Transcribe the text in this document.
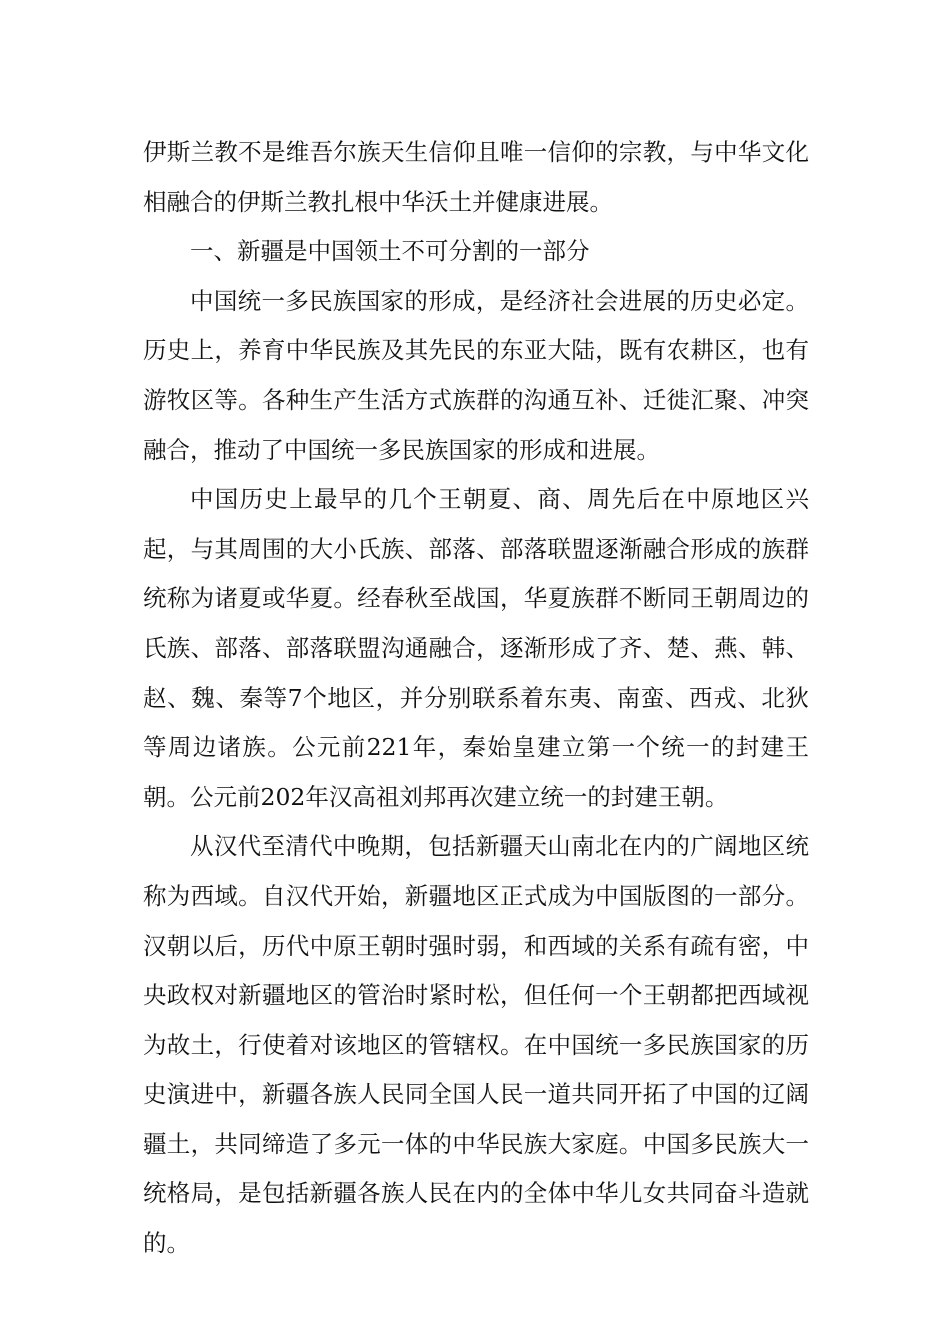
伊斯兰教不是维吾尔族天生信仰且唯一信仰的宗教，与中华文化相融合的伊斯兰教扎根中华沃土并健康进展。

一、新疆是中国领土不可分割的一部分

中国统一多民族国家的形成，是经济社会进展的历史必定。历史上，养育中华民族及其先民的东亚大陆，既有农耕区，也有游牧区等。各种生产生活方式族群的沟通互补、迁徙汇聚、冲突融合，推动了中国统一多民族国家的形成和进展。

中国历史上最早的几个王朝夏、商、周先后在中原地区兴起，与其周围的大小氏族、部落、部落联盟逐渐融合形成的族群统称为诸夏或华夏。经春秋至战国，华夏族群不断同王朝周边的氏族、部落、部落联盟沟通融合，逐渐形成了齐、楚、燕、韩、赵、魏、秦等7个地区，并分别联系着东夷、南蛮、西戎、北狄等周边诸族。公元前221年，秦始皇建立第一个统一的封建王朝。公元前202年汉高祖刘邦再次建立统一的封建王朝。

从汉代至清代中晚期，包括新疆天山南北在内的广阔地区统称为西域。自汉代开始，新疆地区正式成为中国版图的一部分。汉朝以后，历代中原王朝时强时弱，和西域的关系有疏有密，中央政权对新疆地区的管治时紧时松，但任何一个王朝都把西域视为故土，行使着对该地区的管辖权。在中国统一多民族国家的历史演进中，新疆各族人民同全国人民一道共同开拓了中国的辽阔疆土，共同缔造了多元一体的中华民族大家庭。中国多民族大一统格局，是包括新疆各族人民在内的全体中华儿女共同奋斗造就的。
